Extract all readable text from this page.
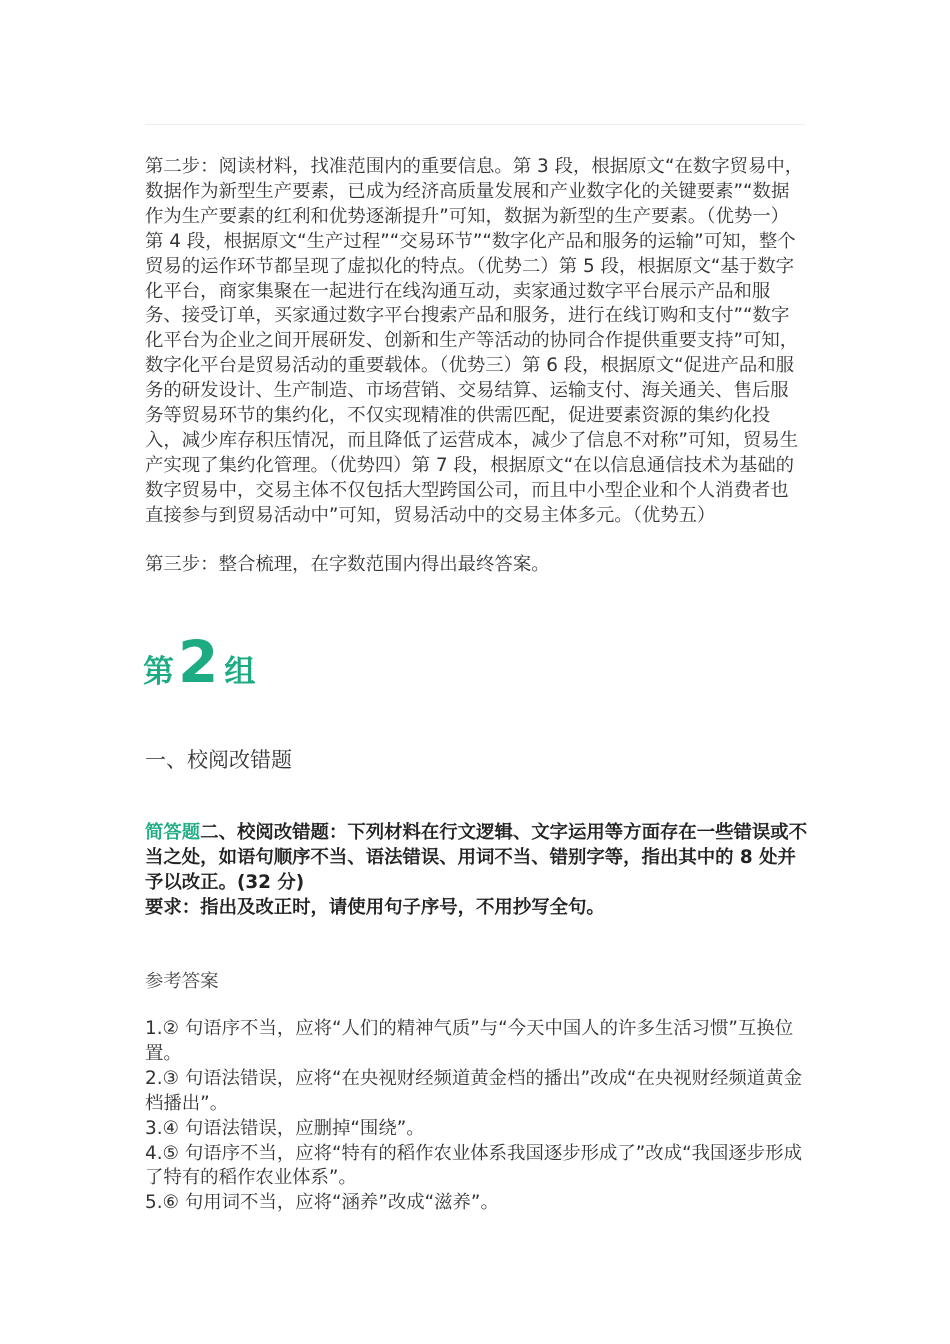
第二步：阅读材料，找准范围内的重要信息。第 3 段，根据原文“在数字贸易中，数据作为新型生产要素，已成为经济高质量发展和产业数字化的关键要素”“数据作为生产要素的红利和优势逐渐提升”可知，数据为新型的生产要素。（优势一）第 4 段，根据原文“生产过程”“交易环节”“数字化产品和服务的运输”可知，整个贸易的运作环节都呈现了虚拟化的特点。（优势二）第 5 段，根据原文“基于数字化平台，商家集聚在一起进行在线沟通互动，卖家通过数字平台展示产品和服务、接受订单，买家通过数字平台搜索产品和服务，进行在线订购和支付”“数字化平台为企业之间开展研发、创新和生产等活动的协同合作提供重要支持”可知，数字化平台是贸易活动的重要载体。（优势三）第 6 段，根据原文“促进产品和服务的研发设计、生产制造、市场营销、交易结算、运输支付、海关通关、售后服务等贸易环节的集约化，不仅实现精准的供需匹配，促进要素资源的集约化投入，减少库存积压情况，而且降低了运营成本，减少了信息不对称”可知，贸易生产实现了集约化管理。（优势四）第 7 段，根据原文“在以信息通信技术为基础的数字贸易中，交易主体不仅包括大型跨国公司，而且中小型企业和个人消费者也直接参与到贸易活动中”可知，贸易活动中的交易主体多元。（优势五）

第三步：整合梳理，在字数范围内得出最终答案。

第2 组
一、校阅改错题
简答题二、校阅改错题：下列材料在行文逻辑、文字运用等方面存在一些错误或不当之处，如语句顺序不当、语法错误、用词不当、错别字等，指出其中的 8 处并予以改正。(32 分)
要求：指出及改正时，请使用句子序号，不用抄写全句。
参考答案
1.② 句语序不当，应将“人们的精神气质”与“今天中国人的许多生活习惯”互换位置。
2.③ 句语法错误，应将“在央视财经频道黄金档的播出”改成“在央视财经频道黄金档播出”。
3.④ 句语法错误，应删掉“围绕”。
4.⑤ 句语序不当，应将“特有的稻作农业体系我国逐步形成了”改成“我国逐步形成了特有的稻作农业体系”。
5.⑥ 句用词不当，应将“涵养”改成“滋养”。
